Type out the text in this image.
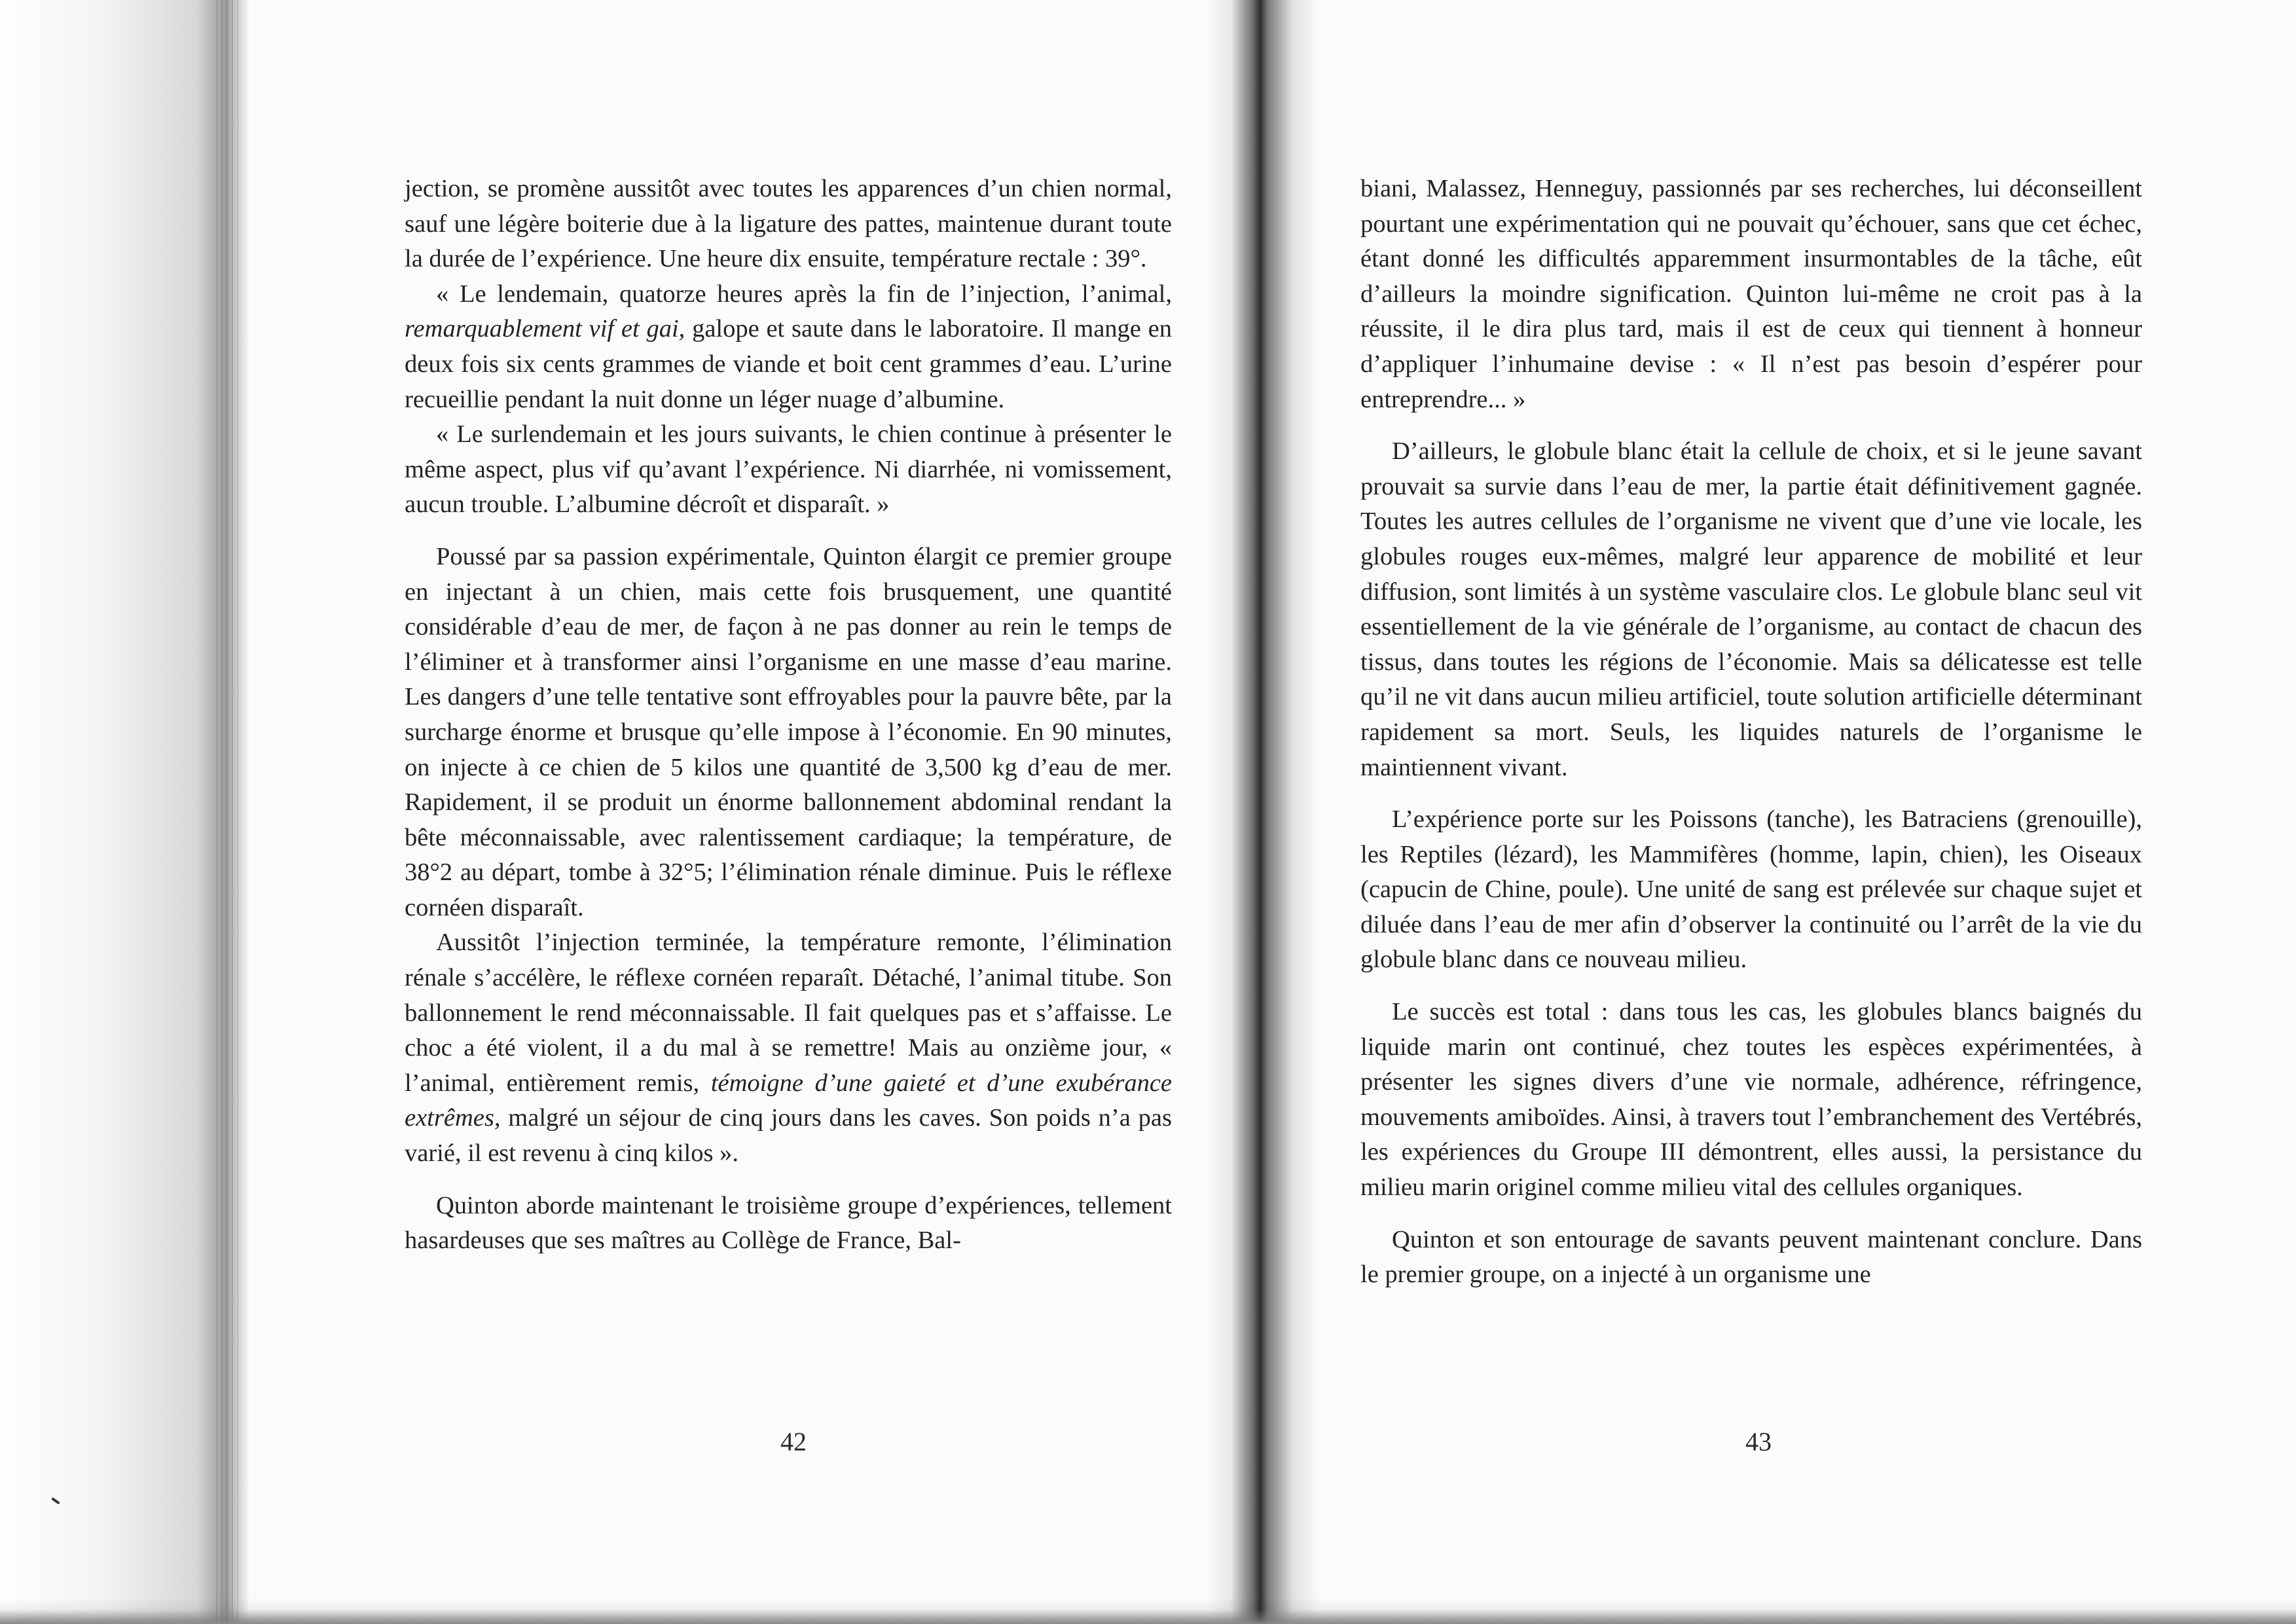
jection, se promène aussitôt avec toutes les apparences d’un chien normal, sauf une légère boiterie due à la ligature des pattes, maintenue durant toute la durée de l’expérience. Une heure dix ensuite, température rectale : 39°.

« Le lendemain, quatorze heures après la fin de l’injection, l’animal, remarquablement vif et gai, galope et saute dans le laboratoire. Il mange en deux fois six cents grammes de viande et boit cent grammes d’eau. L’urine recueillie pendant la nuit donne un léger nuage d’albumine.

« Le surlendemain et les jours suivants, le chien continue à présenter le même aspect, plus vif qu’avant l’expérience. Ni diarrhée, ni vomissement, aucun trouble. L’albumine décroît et disparaît. »

Poussé par sa passion expérimentale, Quinton élargit ce premier groupe en injectant à un chien, mais cette fois brusquement, une quantité considérable d’eau de mer, de façon à ne pas donner au rein le temps de l’éliminer et à transformer ainsi l’organisme en une masse d’eau marine. Les dangers d’une telle tentative sont effroyables pour la pauvre bête, par la surcharge énorme et brusque qu’elle impose à l’économie. En 90 minutes, on injecte à ce chien de 5 kilos une quantité de 3,500 kg d’eau de mer. Rapidement, il se produit un énorme ballonnement abdominal rendant la bête méconnaissable, avec ralentissement cardiaque; la température, de 38°2 au départ, tombe à 32°5; l’élimination rénale diminue. Puis le réflexe cornéen disparaît.

Aussitôt l’injection terminée, la température remonte, l’élimination rénale s’accélère, le réflexe cornéen reparaît. Détaché, l’animal titube. Son ballonnement le rend méconnaissable. Il fait quelques pas et s’affaisse. Le choc a été violent, il a du mal à se remettre! Mais au onzième jour, « l’animal, entièrement remis, témoigne d’une gaieté et d’une exubérance extrêmes, malgré un séjour de cinq jours dans les caves. Son poids n’a pas varié, il est revenu à cinq kilos ».

Quinton aborde maintenant le troisième groupe d’expériences, tellement hasardeuses que ses maîtres au Collège de France, Bal-

42

biani, Malassez, Henneguy, passionnés par ses recherches, lui déconseillent pourtant une expérimentation qui ne pouvait qu’échouer, sans que cet échec, étant donné les difficultés apparemment insurmontables de la tâche, eût d’ailleurs la moindre signification. Quinton lui-même ne croit pas à la réussite, il le dira plus tard, mais il est de ceux qui tiennent à honneur d’appliquer l’inhumaine devise : « Il n’est pas besoin d’espérer pour entreprendre... »

D’ailleurs, le globule blanc était la cellule de choix, et si le jeune savant prouvait sa survie dans l’eau de mer, la partie était définitivement gagnée. Toutes les autres cellules de l’organisme ne vivent que d’une vie locale, les globules rouges eux-mêmes, malgré leur apparence de mobilité et leur diffusion, sont limités à un système vasculaire clos. Le globule blanc seul vit essentiellement de la vie générale de l’organisme, au contact de chacun des tissus, dans toutes les régions de l’économie. Mais sa délicatesse est telle qu’il ne vit dans aucun milieu artificiel, toute solution artificielle déterminant rapidement sa mort. Seuls, les liquides naturels de l’organisme le maintiennent vivant.

L’expérience porte sur les Poissons (tanche), les Batraciens (grenouille), les Reptiles (lézard), les Mammifères (homme, lapin, chien), les Oiseaux (capucin de Chine, poule). Une unité de sang est prélevée sur chaque sujet et diluée dans l’eau de mer afin d’observer la continuité ou l’arrêt de la vie du globule blanc dans ce nouveau milieu.

Le succès est total : dans tous les cas, les globules blancs baignés du liquide marin ont continué, chez toutes les espèces expérimentées, à présenter les signes divers d’une vie normale, adhérence, réfringence, mouvements amiboïdes. Ainsi, à travers tout l’embranchement des Vertébrés, les expériences du Groupe III démontrent, elles aussi, la persistance du milieu marin originel comme milieu vital des cellules organiques.

Quinton et son entourage de savants peuvent maintenant conclure. Dans le premier groupe, on a injecté à un organisme une

43
